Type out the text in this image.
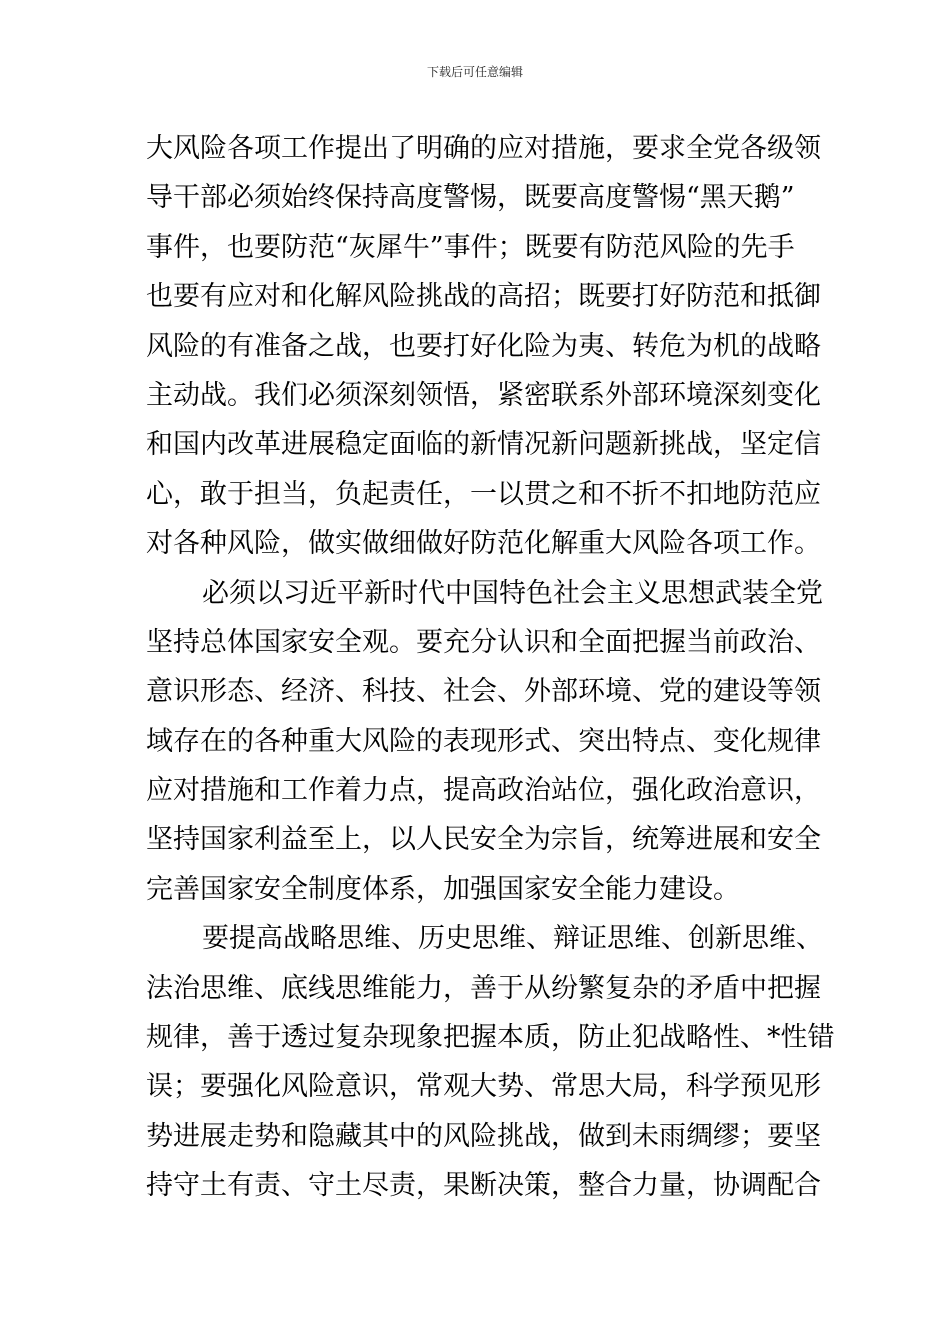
下载后可任意编辑
大风险各项工作提出了明确的应对措施，要求全党各级领
导干部必须始终保持高度警惕，既要高度警惕“黑天鹅”
事件，也要防范“灰犀牛”事件；既要有防范风险的先手
也要有应对和化解风险挑战的高招；既要打好防范和抵御
风险的有准备之战，也要打好化险为夷、转危为机的战略
主动战。我们必须深刻领悟，紧密联系外部环境深刻变化
和国内改革进展稳定面临的新情况新问题新挑战，坚定信
心，敢于担当，负起责任，一以贯之和不折不扣地防范应
对各种风险，做实做细做好防范化解重大风险各项工作。
必须以习近平新时代中国特色社会主义思想武装全党
坚持总体国家安全观。要充分认识和全面把握当前政治、
意识形态、经济、科技、社会、外部环境、党的建设等领
域存在的各种重大风险的表现形式、突出特点、变化规律
应对措施和工作着力点，提高政治站位，强化政治意识，
坚持国家利益至上，以人民安全为宗旨，统筹进展和安全
完善国家安全制度体系，加强国家安全能力建设。
要提高战略思维、历史思维、辩证思维、创新思维、
法治思维、底线思维能力，善于从纷繁复杂的矛盾中把握
规律，善于透过复杂现象把握本质，防止犯战略性、*性错
误；要强化风险意识，常观大势、常思大局，科学预见形
势进展走势和隐藏其中的风险挑战，做到未雨绸缪；要坚
持守土有责、守土尽责，果断决策，整合力量，协调配合
